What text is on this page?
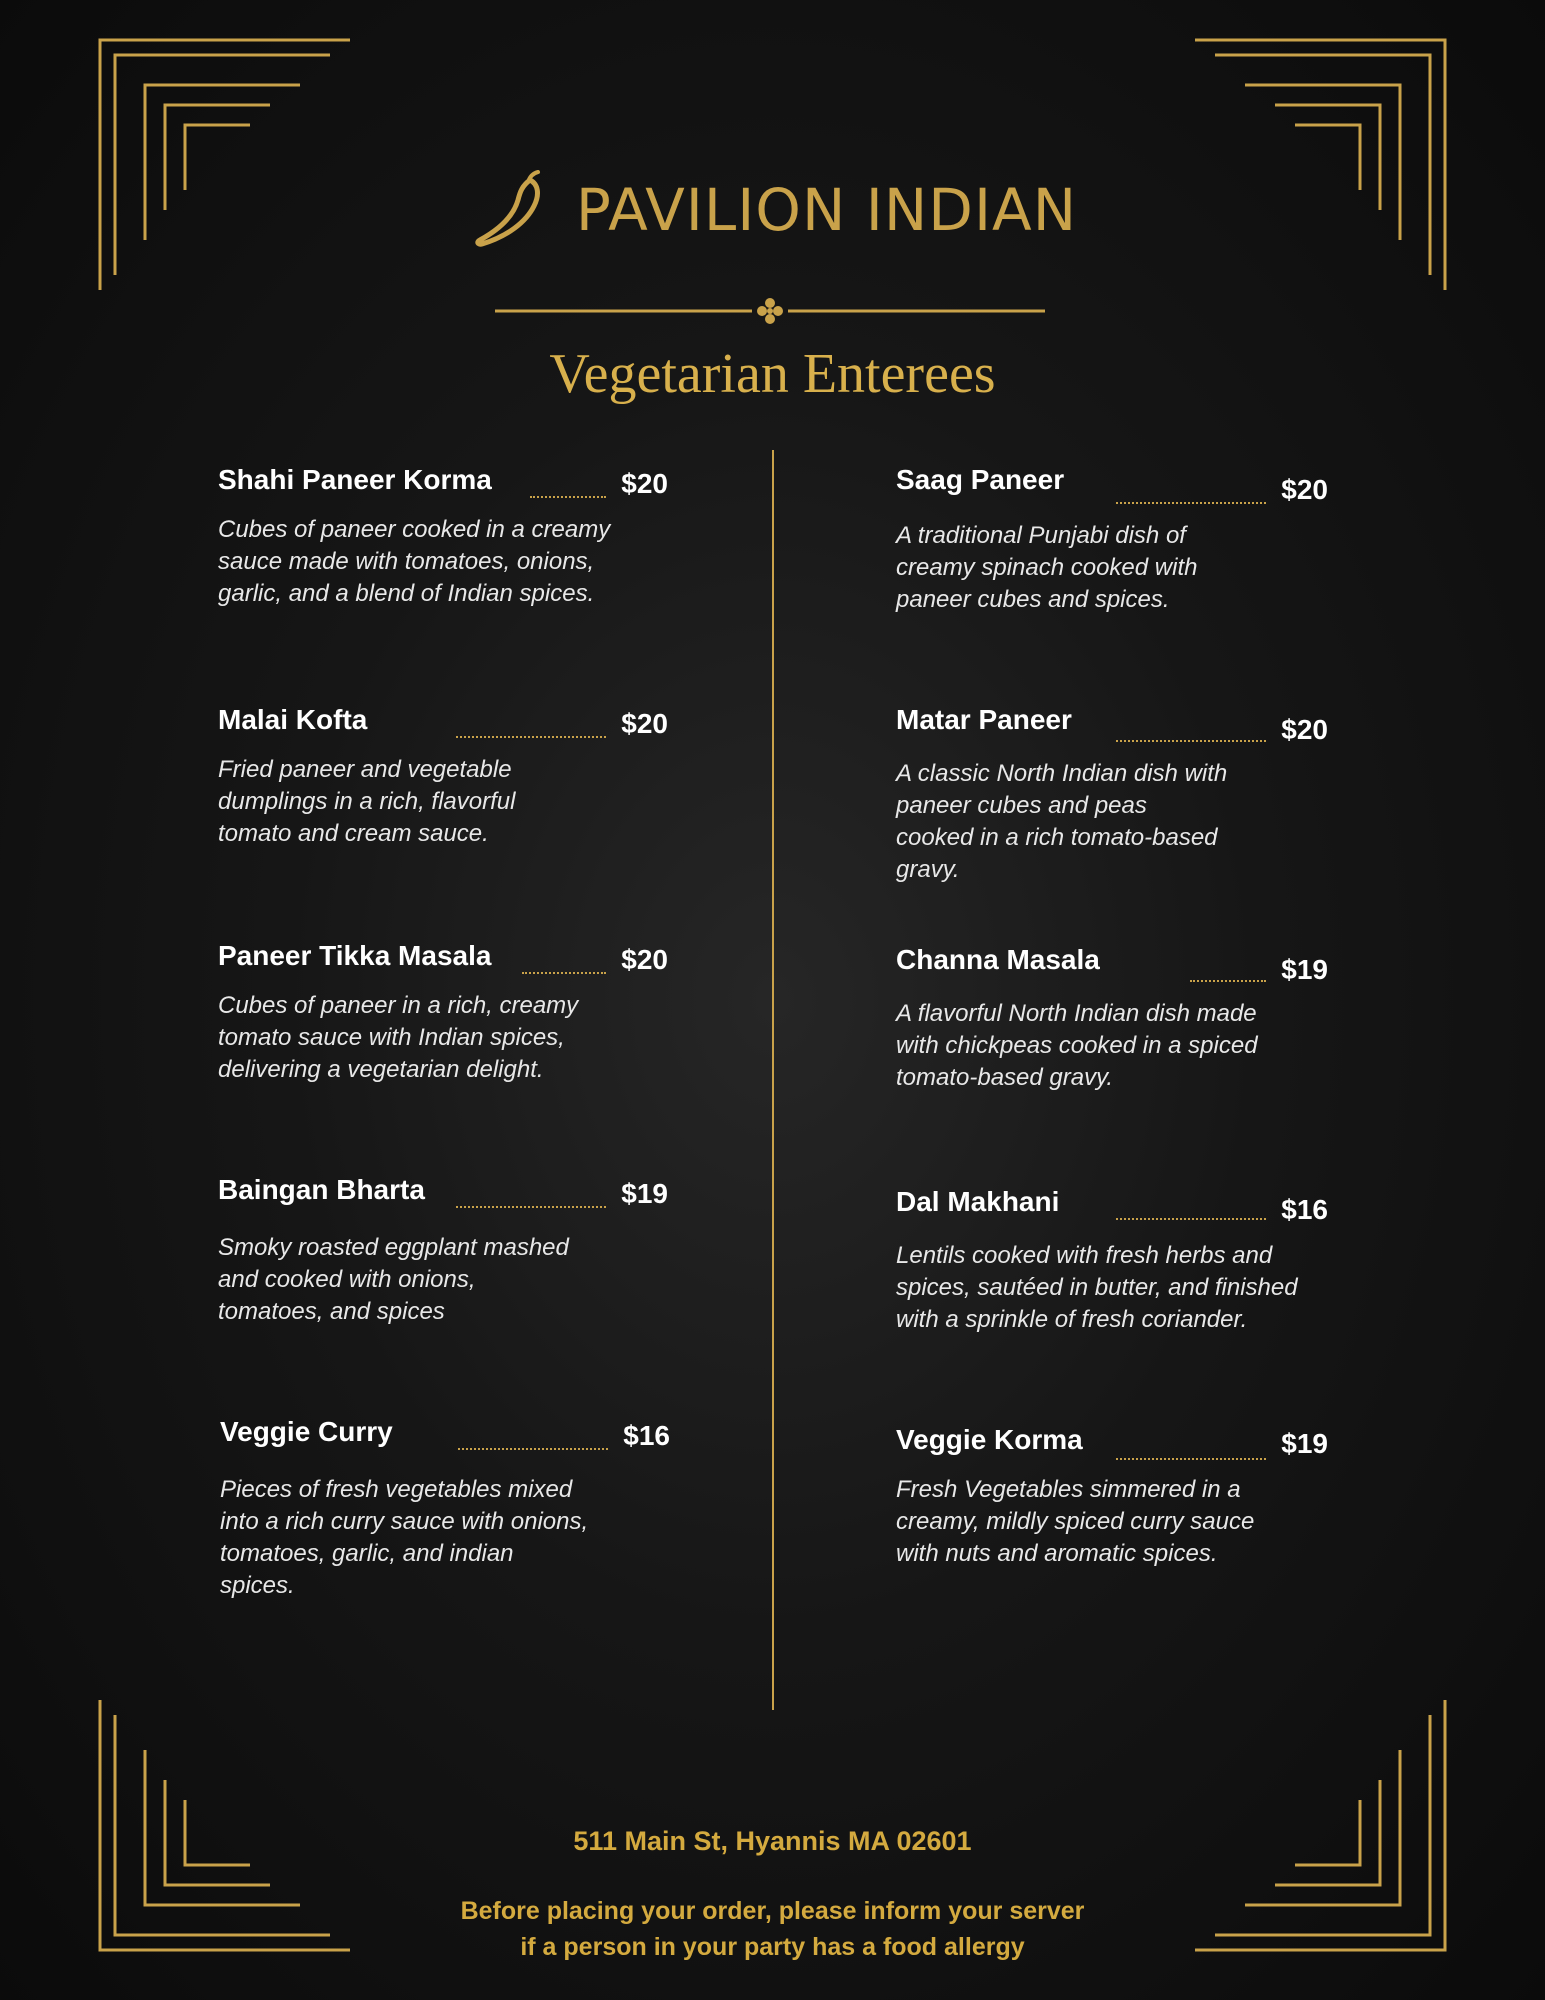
PAVILION INDIAN
Vegetarian Enterees
Shahi Paneer Korma	$20
Cubes of paneer cooked in a creamy
sauce made with tomatoes, onions,
garlic, and a blend of Indian spices.
Malai Kofta	$20
Fried paneer and vegetable
dumplings in a rich, flavorful
tomato and cream sauce.
Paneer Tikka Masala	$20
Cubes of paneer in a rich, creamy
tomato sauce with Indian spices,
delivering a vegetarian delight.
Baingan Bharta	$19
Smoky roasted eggplant mashed
and cooked with onions,
tomatoes, and spices
Veggie Curry	$16
Pieces of fresh vegetables mixed
into a rich curry sauce with onions,
tomatoes, garlic, and indian
spices.
Saag Paneer	$20
A traditional Punjabi dish of
creamy spinach cooked with
paneer cubes and spices.
Matar Paneer	$20
A classic North Indian dish with
paneer cubes and peas
cooked in a rich tomato-based
gravy.
Channa Masala	$19
A flavorful North Indian dish made
with chickpeas cooked in a spiced
tomato-based gravy.
Dal Makhani	$16
Lentils cooked with fresh herbs and
spices, sautéed in butter, and finished
with a sprinkle of fresh coriander.
Veggie Korma	$19
Fresh Vegetables simmered in a
creamy, mildly spiced curry sauce
with nuts and aromatic spices.
511 Main St, Hyannis MA 02601
Before placing your order, please inform your server
if a person in your party has a food allergy
